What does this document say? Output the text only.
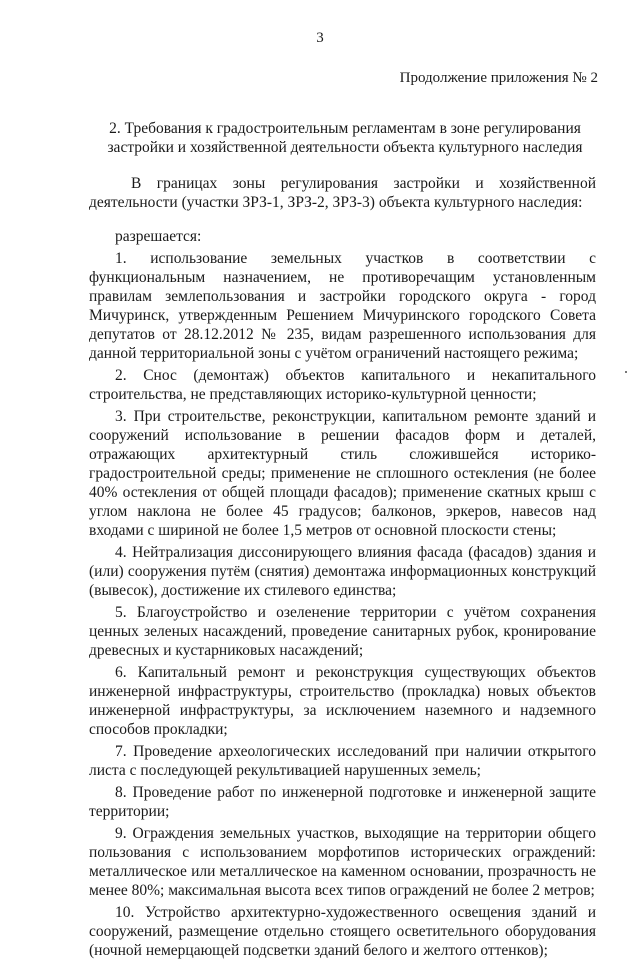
3
Продолжение приложения № 2
2. Требования к градостроительным регламентам в зоне регулирования застройки и хозяйственной деятельности объекта культурного наследия

В границах зоны регулирования застройки и хозяйственной деятельности (участки ЗРЗ-1, ЗРЗ-2, ЗРЗ-3) объекта культурного наследия:

разрешается:

1. использование земельных участков в соответствии с функциональным назначением, не противоречащим установленным правилам землепользования и застройки городского округа - город Мичуринск, утвержденным Решением Мичуринского городского Совета депутатов от 28.12.2012 № 235, видам разрешенного использования для данной территориальной зоны с учётом ограничений настоящего режима;

2. Снос (демонтаж) объектов капитального и некапитального строительства, не представляющих историко-культурной ценности;

3. При строительстве, реконструкции, капитальном ремонте зданий и сооружений использование в решении фасадов форм и деталей, отражающих архитектурный стиль сложившейся историко-градостроительной среды; применение не сплошного остекления (не более 40% остекления от общей площади фасадов); применение скатных крыш с углом наклона не более 45 градусов; балконов, эркеров, навесов над входами с шириной не более 1,5 метров от основной плоскости стены;

4. Нейтрализация диссонирующего влияния фасада (фасадов) здания и (или) сооружения путём (снятия) демонтажа информационных конструкций (вывесок), достижение их стилевого единства;

5. Благоустройство и озеленение территории с учётом сохранения ценных зеленых насаждений, проведение санитарных рубок, кронирование древесных и кустарниковых насаждений;

6. Капитальный ремонт и реконструкция существующих объектов инженерной инфраструктуры, строительство (прокладка) новых объектов инженерной инфраструктуры, за исключением наземного и надземного способов прокладки;

7. Проведение археологических исследований при наличии открытого листа с последующей рекультивацией нарушенных земель;

8. Проведение работ по инженерной подготовке и инженерной защите территории;

9. Ограждения земельных участков, выходящие на территории общего пользования с использованием морфотипов исторических ограждений: металлическое или металлическое на каменном основании, прозрачность не менее 80%; максимальная высота всех типов ограждений не более 2 метров;

10. Устройство архитектурно-художественного освещения зданий и сооружений, размещение отдельно стоящего осветительного оборудования (ночной немерцающей подсветки зданий белого и желтого оттенков);
